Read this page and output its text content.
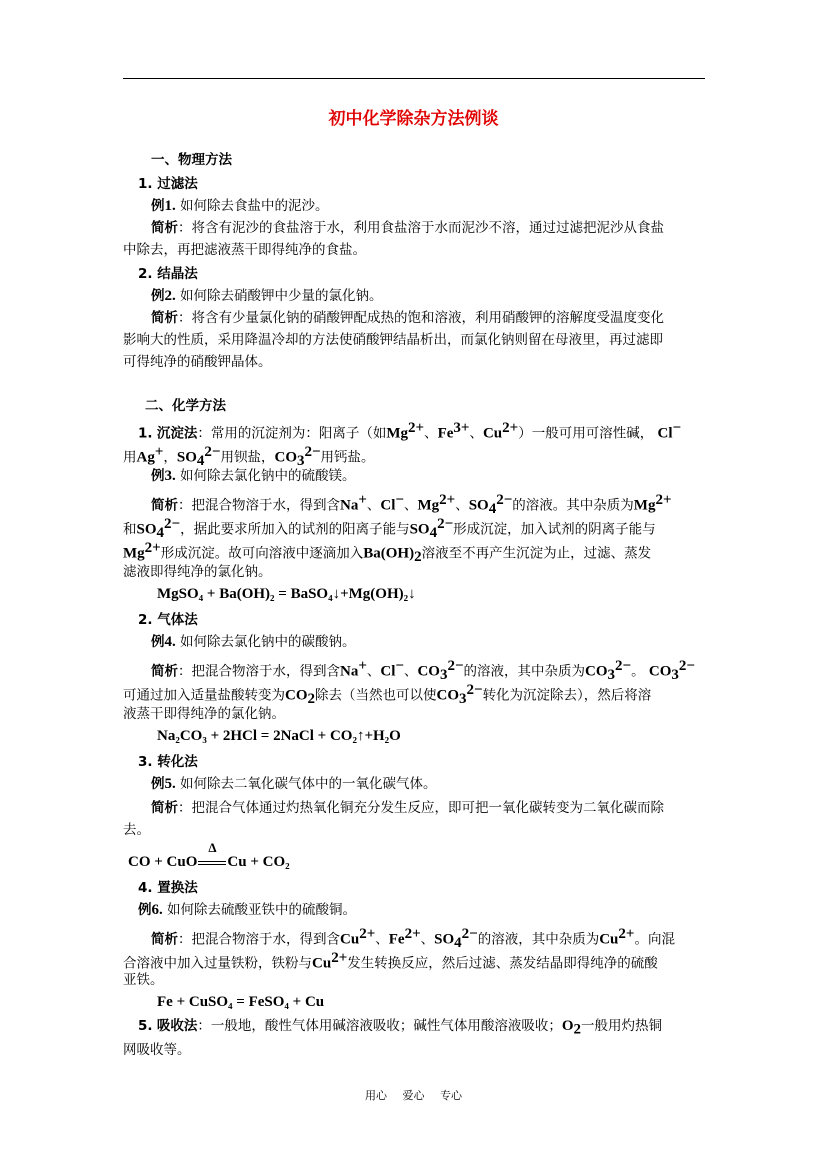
初中化学除杂方法例谈
一、物理方法
1. 过滤法
例1. 如何除去食盐中的泥沙。
简析：将含有泥沙的食盐溶于水，利用食盐溶于水而泥沙不溶，通过过滤把泥沙从食盐
中除去，再把滤液蒸干即得纯净的食盐。
2. 结晶法
例2. 如何除去硝酸钾中少量的氯化钠。
简析：将含有少量氯化钠的硝酸钾配成热的饱和溶液，利用硝酸钾的溶解度受温度变化
影响大的性质，采用降温冷却的方法使硝酸钾结晶析出，而氯化钠则留在母液里，再过滤即
可得纯净的硝酸钾晶体。
二、化学方法
1. 沉淀法：常用的沉淀剂为：阳离子（如$Mg^{2+}$、$Fe^{3+}$、$Cu^{2+}$）一般可用可溶性碱， Cl−
用Ag+，$SO_4^{2-}$用钡盐，$CO_3^{2-}$用钙盐。
例3. 如何除去氯化钠中的硫酸镁。
简析：把混合物溶于水，得到含Na+、Cl−、$Mg^{2+}$、$SO_4^{2-}$的溶液。其中杂质为$Mg^{2+}$
和$SO_4^{2-}$，据此要求所加入的试剂的阳离子能与$SO_4^{2-}$形成沉淀，加入试剂的阴离子能与
$Mg^{2+}$形成沉淀。故可向溶液中逐滴加入$Ba(OH)_2$溶液至不再产生沉淀为止，过滤、蒸发
滤液即得纯净的氯化钠。
MgSO₄ + Ba(OH)₂ = BaSO₄↓+Mg(OH)₂↓
2. 气体法
例4. 如何除去氯化钠中的碳酸钠。
简析：把混合物溶于水，得到含Na+、Cl−、$CO_3^{2-}$的溶液，其中杂质为$CO_3^{2-}$。 $CO_3^{2-}$
可通过加入适量盐酸转变为$CO_2$除去（当然也可以使$CO_3^{2-}$转化为沉淀除去），然后将溶
液蒸干即得纯净的氯化钠。
Na₂CO₃ + 2HCl = 2NaCl + CO₂↑+H₂O
3. 转化法
例5. 如何除去二氧化碳气体中的一氧化碳气体。
简析：把混合气体通过灼热氧化铜充分发生反应，即可把一氧化碳转变为二氧化碳而除
去。
CO + CuO
Δ
Cu + CO₂
4. 置换法
例6. 如何除去硫酸亚铁中的硫酸铜。
简析：把混合物溶于水，得到含$Cu^{2+}$、$Fe^{2+}$、$SO_4^{2-}$的溶液，其中杂质为$Cu^{2+}$。向混
合溶液中加入过量铁粉，铁粉与$Cu^{2+}$发生转换反应，然后过滤、蒸发结晶即得纯净的硫酸
亚铁。
Fe + CuSO₄ = FeSO₄ + Cu
5. 吸收法：一般地，酸性气体用碱溶液吸收；碱性气体用酸溶液吸收；$O_2$一般用灼热铜
网吸收等。
用心 爱心 专心
